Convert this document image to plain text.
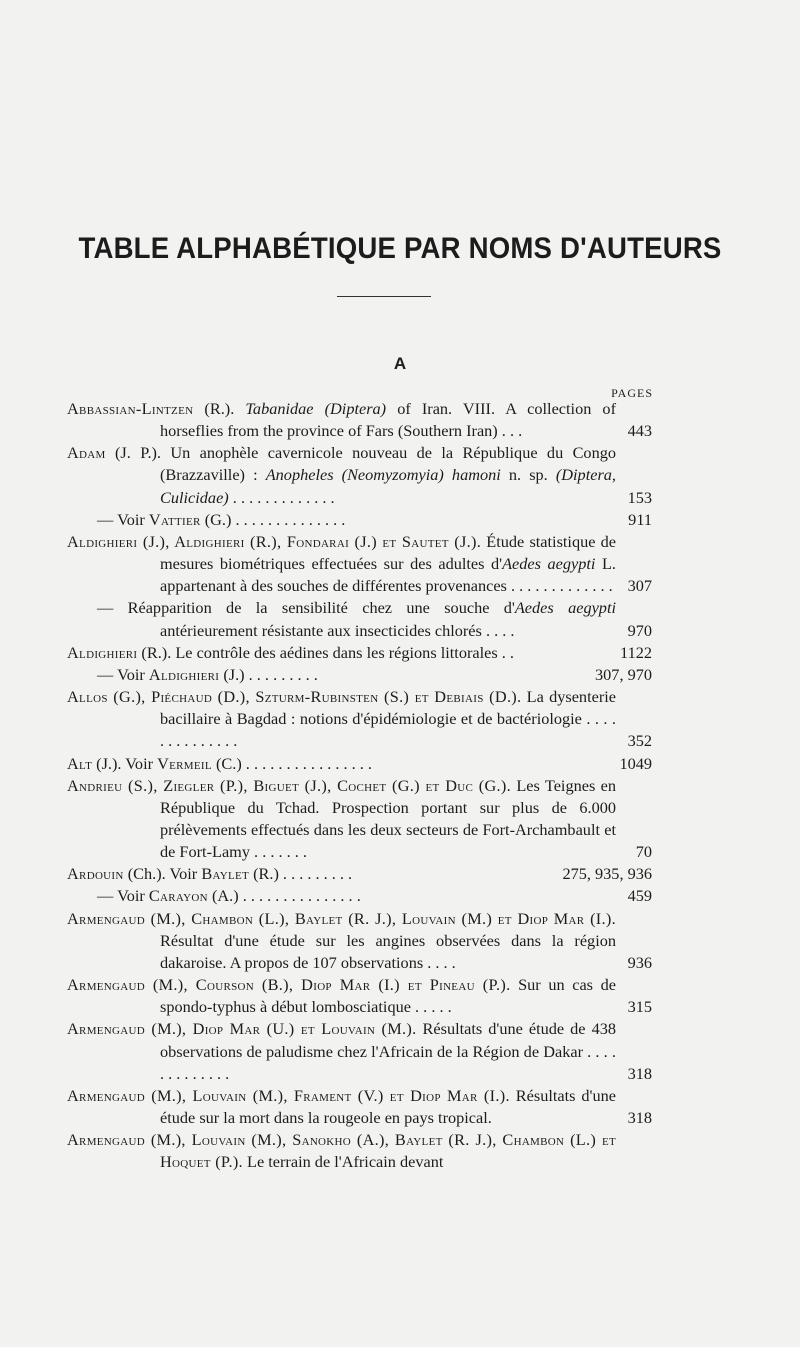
TABLE ALPHABÉTIQUE PAR NOMS D'AUTEURS
A
PAGES
Abbassian-Lintzen (R.). Tabanidae (Diptera) of Iran. VIII. A collection of horseflies from the province of Fars (Southern Iran) . . .	443
Adam (J. P.). Un anophèle cavernicole nouveau de la République du Congo (Brazzaville) : Anopheles (Neomyzomyia) hamoni n. sp. (Diptera, Culicidae) . . . . . . . . . . . . .	153
— Voir Vattier (G.) . . . . . . . . . . . . . .	911
Aldighieri (J.), Aldighieri (R.), Fondarai (J.) et Sautet (J.). Étude statistique de mesures biométriques effectuées sur des adultes d'Aedes aegypti L. appartenant à des souches de différentes provenances . . . . . . . . . . . . . 307
— Réapparition de la sensibilité chez une souche d'Aedes aegypti antérieurement résistante aux insecticides chlorés . . . .	970
Aldighieri (R.). Le contrôle des aédines dans les régions littorales . .	1122
— Voir Aldighieri (J.) . . . . . . . . .	307, 970
Allos (G.), Piéchaud (D.), Szturm-Rubinsten (S.) et Debiais (D.). La dysenterie bacillaire à Bagdad : notions d'épidémiologie et de bactériologie . . . . . . . . . . . . . .	352
Alt (J.). Voir Vermeil (C.) . . . . . . . . . . . . . . . .	1049
Andrieu (S.), Ziegler (P.), Biguet (J.), Cochet (G.) et Duc (G.). Les Teignes en République du Tchad. Prospection portant sur plus de 6.000 prélèvements effectués dans les deux secteurs de Fort-Archambault et de Fort-Lamy . . . . . . .	70
Ardouin (Ch.). Voir Baylet (R.) . . . . . . . . .	275, 935, 936
— Voir Carayon (A.) . . . . . . . . . . . . . . .	459
Armengaud (M.), Chambon (L.), Baylet (R. J.), Louvain (M.) et Diop Mar (I.). Résultat d'une étude sur les angines observées dans la région dakaroise. A propos de 107 observations . . . .	936
Armengaud (M.), Courson (B.), Diop Mar (I.) et Pineau (P.). Sur un cas de spondo-typhus à début lombosciatique . . . . .	315
Armengaud (M.), Diop Mar (U.) et Louvain (M.). Résultats d'une étude de 438 observations de paludisme chez l'Africain de la Région de Dakar . . . . . . . . . . . . .	318
Armengaud (M.), Louvain (M.), Frament (V.) et Diop Mar (I.). Résultats d'une étude sur la mort dans la rougeole en pays tropical.	318
Armengaud (M.), Louvain (M.), Sanokho (A.), Baylet (R. J.), Chambon (L.) et Hoquet (P.). Le terrain de l'Africain devant
